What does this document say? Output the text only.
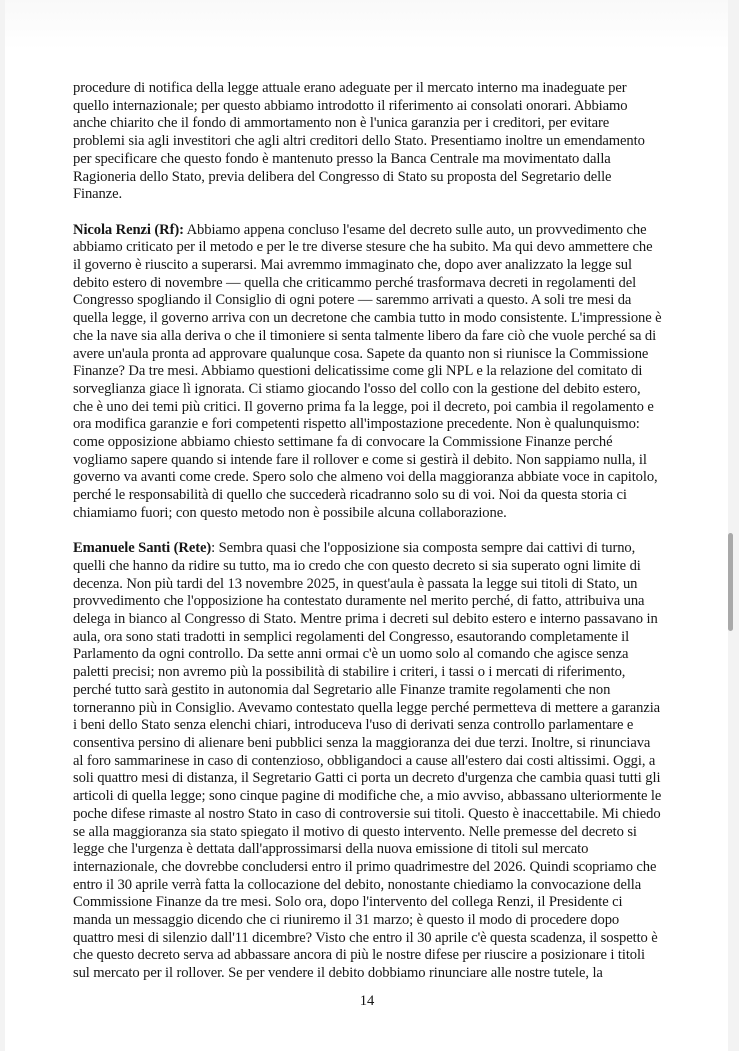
procedure di notifica della legge attuale erano adeguate per il mercato interno ma inadeguate per
quello internazionale; per questo abbiamo introdotto il riferimento ai consolati onorari. Abbiamo
anche chiarito che il fondo di ammortamento non è l'unica garanzia per i creditori, per evitare
problemi sia agli investitori che agli altri creditori dello Stato. Presentiamo inoltre un emendamento
per specificare che questo fondo è mantenuto presso la Banca Centrale ma movimentato dalla
Ragioneria dello Stato, previa delibera del Congresso di Stato su proposta del Segretario delle
Finanze.

Nicola Renzi (Rf): Abbiamo appena concluso l'esame del decreto sulle auto, un provvedimento che
abbiamo criticato per il metodo e per le tre diverse stesure che ha subito. Ma qui devo ammettere che
il governo è riuscito a superarsi. Mai avremmo immaginato che, dopo aver analizzato la legge sul
debito estero di novembre — quella che criticammo perché trasformava decreti in regolamenti del
Congresso spogliando il Consiglio di ogni potere — saremmo arrivati a questo. A soli tre mesi da
quella legge, il governo arriva con un decretone che cambia tutto in modo consistente. L'impressione è
che la nave sia alla deriva o che il timoniere si senta talmente libero da fare ciò che vuole perché sa di
avere un'aula pronta ad approvare qualunque cosa. Sapete da quanto non si riunisce la Commissione
Finanze? Da tre mesi. Abbiamo questioni delicatissime come gli NPL e la relazione del comitato di
sorveglianza giace lì ignorata. Ci stiamo giocando l'osso del collo con la gestione del debito estero,
che è uno dei temi più critici. Il governo prima fa la legge, poi il decreto, poi cambia il regolamento e
ora modifica garanzie e fori competenti rispetto all'impostazione precedente. Non è qualunquismo:
come opposizione abbiamo chiesto settimane fa di convocare la Commissione Finanze perché
vogliamo sapere quando si intende fare il rollover e come si gestirà il debito. Non sappiamo nulla, il
governo va avanti come crede. Spero solo che almeno voi della maggioranza abbiate voce in capitolo,
perché le responsabilità di quello che succederà ricadranno solo su di voi. Noi da questa storia ci
chiamiamo fuori; con questo metodo non è possibile alcuna collaborazione.

Emanuele Santi (Rete): Sembra quasi che l'opposizione sia composta sempre dai cattivi di turno,
quelli che hanno da ridire su tutto, ma io credo che con questo decreto si sia superato ogni limite di
decenza. Non più tardi del 13 novembre 2025, in quest'aula è passata la legge sui titoli di Stato, un
provvedimento che l'opposizione ha contestato duramente nel merito perché, di fatto, attribuiva una
delega in bianco al Congresso di Stato. Mentre prima i decreti sul debito estero e interno passavano in
aula, ora sono stati tradotti in semplici regolamenti del Congresso, esautorando completamente il
Parlamento da ogni controllo. Da sette anni ormai c'è un uomo solo al comando che agisce senza
paletti precisi; non avremo più la possibilità di stabilire i criteri, i tassi o i mercati di riferimento,
perché tutto sarà gestito in autonomia dal Segretario alle Finanze tramite regolamenti che non
torneranno più in Consiglio. Avevamo contestato quella legge perché permetteva di mettere a garanzia
i beni dello Stato senza elenchi chiari, introduceva l'uso di derivati senza controllo parlamentare e
consentiva persino di alienare beni pubblici senza la maggioranza dei due terzi. Inoltre, si rinunciava
al foro sammarinese in caso di contenzioso, obbligandoci a cause all'estero dai costi altissimi. Oggi, a
soli quattro mesi di distanza, il Segretario Gatti ci porta un decreto d'urgenza che cambia quasi tutti gli
articoli di quella legge; sono cinque pagine di modifiche che, a mio avviso, abbassano ulteriormente le
poche difese rimaste al nostro Stato in caso di controversie sui titoli. Questo è inaccettabile. Mi chiedo
se alla maggioranza sia stato spiegato il motivo di questo intervento. Nelle premesse del decreto si
legge che l'urgenza è dettata dall'approssimarsi della nuova emissione di titoli sul mercato
internazionale, che dovrebbe concludersi entro il primo quadrimestre del 2026. Quindi scopriamo che
entro il 30 aprile verrà fatta la collocazione del debito, nonostante chiediamo la convocazione della
Commissione Finanze da tre mesi. Solo ora, dopo l'intervento del collega Renzi, il Presidente ci
manda un messaggio dicendo che ci riuniremo il 31 marzo; è questo il modo di procedere dopo
quattro mesi di silenzio dall'11 dicembre? Visto che entro il 30 aprile c'è questa scadenza, il sospetto è
che questo decreto serva ad abbassare ancora di più le nostre difese per riuscire a posizionare i titoli
sul mercato per il rollover. Se per vendere il debito dobbiamo rinunciare alle nostre tutele, la

14
